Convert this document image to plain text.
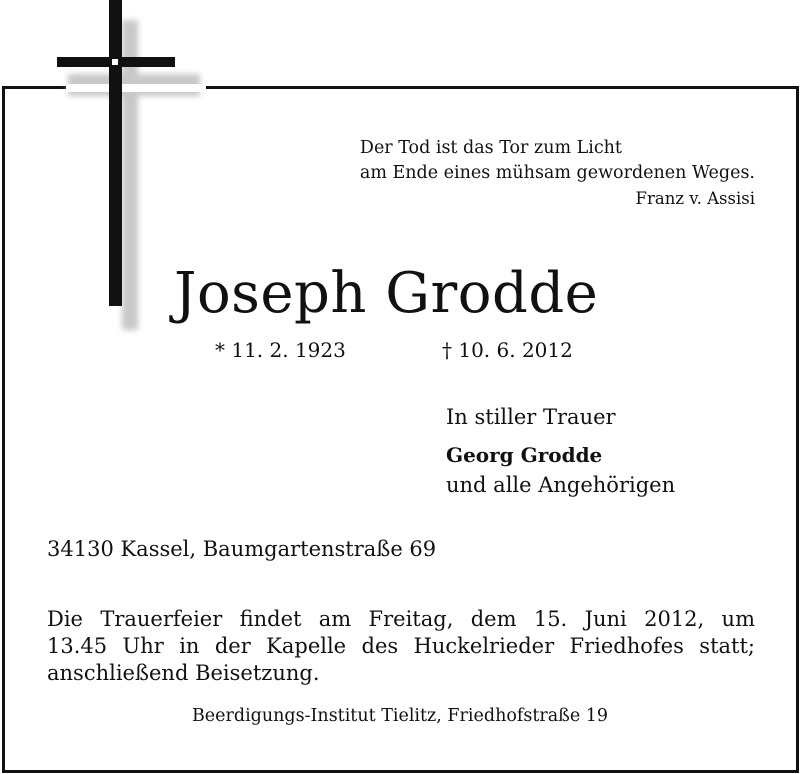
Der Tod ist das Tor zum Licht
am Ende eines mühsam gewordenen Weges.
Franz v. Assisi
Joseph Grodde
* 11. 2. 1923	† 10. 6. 2012
In stiller Trauer
Georg Grodde
und alle Angehörigen
34130 Kassel, Baumgartenstraße 69
Die Trauerfeier findet am Freitag, dem 15. Juni 2012, um
13.45 Uhr in der Kapelle des Huckelrieder Friedhofes statt;
anschließend Beisetzung.
Beerdigungs-Institut Tielitz, Friedhofstraße 19
